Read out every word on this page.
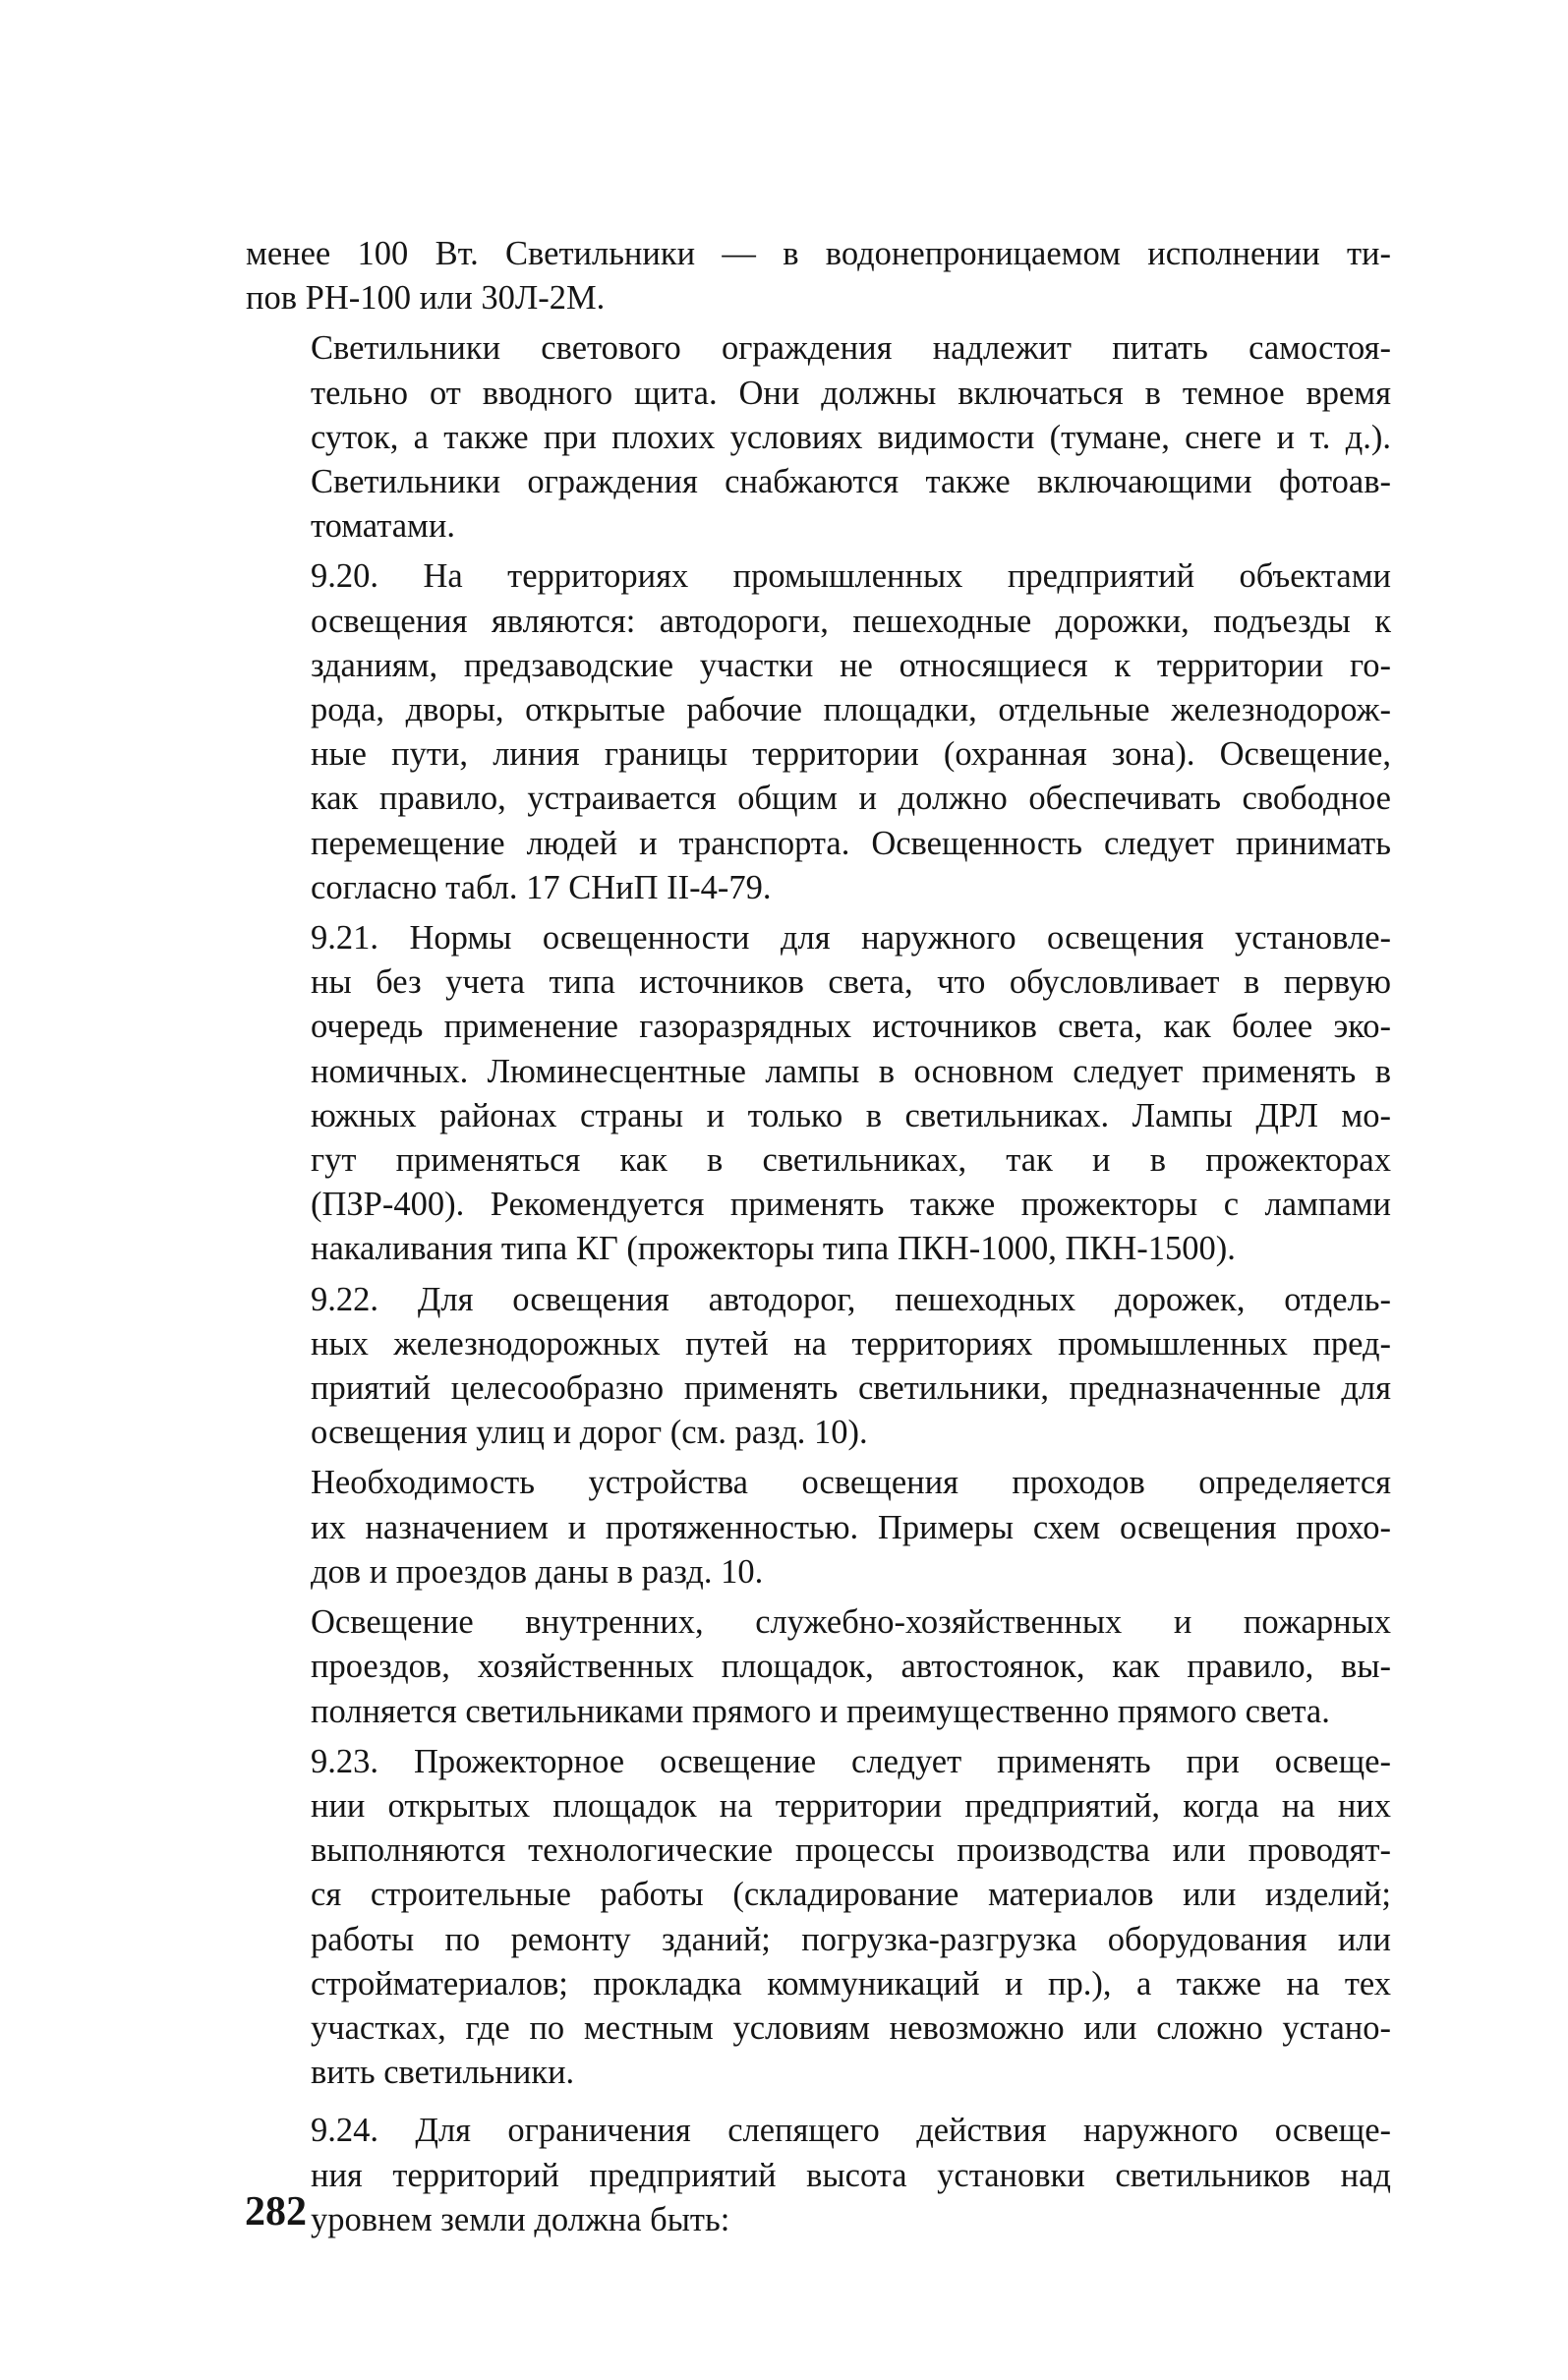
менее 100 Вт. Светильники — в водонепроницаемом исполнении ти-
пов РН-100 или 30Л-2М.

Светильники светового ограждения надлежит питать самостоя-
тельно от вводного щита. Они должны включаться в темное время
суток, а также при плохих условиях видимости (тумане, снеге и т. д.).
Светильники ограждения снабжаются также включающими фотоав-
томатами.

9.20. На территориях промышленных предприятий объектами
освещения являются: автодороги, пешеходные дорожки, подъезды к
зданиям, предзаводские участки не относящиеся к территории го-
рода, дворы, открытые рабочие площадки, отдельные железнодорож-
ные пути, линия границы территории (охранная зона). Освещение,
как правило, устраивается общим и должно обеспечивать свободное
перемещение людей и транспорта. Освещенность следует принимать
согласно табл. 17 СНиП II-4-79.

9.21. Нормы освещенности для наружного освещения установле-
ны без учета типа источников света, что обусловливает в первую
очередь применение газоразрядных источников света, как более эко-
номичных. Люминесцентные лампы в основном следует применять в
южных районах страны и только в светильниках. Лампы ДРЛ мо-
гут применяться как в светильниках, так и в прожекторах
(ПЗР-400). Рекомендуется применять также прожекторы с лампами
накаливания типа КГ (прожекторы типа ПКН-1000, ПКН-1500).

9.22. Для освещения автодорог, пешеходных дорожек, отдель-
ных железнодорожных путей на территориях промышленных пред-
приятий целесообразно применять светильники, предназначенные для
освещения улиц и дорог (см. разд. 10).

Необходимость устройства освещения проходов определяется
их назначением и протяженностью. Примеры схем освещения прохо-
дов и проездов даны в разд. 10.

Освещение внутренних, служебно-хозяйственных и пожарных
проездов, хозяйственных площадок, автостоянок, как правило, вы-
полняется светильниками прямого и преимущественно прямого света.

9.23. Прожекторное освещение следует применять при освеще-
нии открытых площадок на территории предприятий, когда на них
выполняются технологические процессы производства или проводят-
ся строительные работы (складирование материалов или изделий;
работы по ремонту зданий; погрузка-разгрузка оборудования или
стройматериалов; прокладка коммуникаций и пр.), а также на тех
участках, где по местным условиям невозможно или сложно устано-
вить светильники.

9.24. Для ограничения слепящего действия наружного освеще-
ния территорий предприятий высота установки светильников над
уровнем земли должна быть:

282
